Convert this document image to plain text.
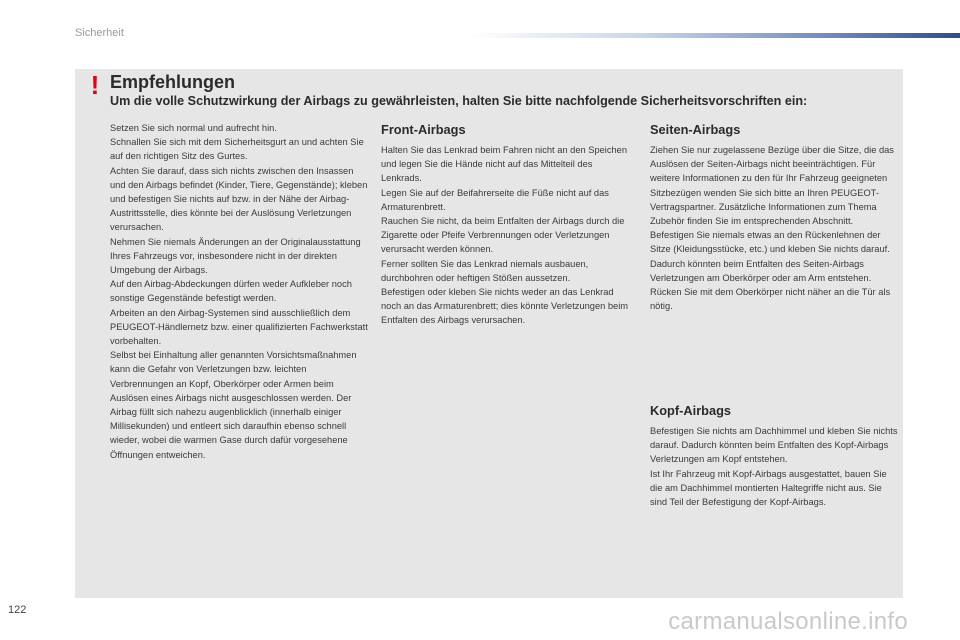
Sicherheit
! Empfehlungen
Um die volle Schutzwirkung der Airbags zu gewährleisten, halten Sie bitte nachfolgende Sicherheitsvorschriften ein:
Setzen Sie sich normal und aufrecht hin.
Schnallen Sie sich mit dem Sicherheitsgurt an und achten Sie auf den richtigen Sitz des Gurtes.
Achten Sie darauf, dass sich nichts zwischen den Insassen und den Airbags befindet (Kinder, Tiere, Gegenstände); kleben und befestigen Sie nichts auf bzw. in der Nähe der Airbag-Austrittsstelle, dies könnte bei der Auslösung Verletzungen verursachen.
Nehmen Sie niemals Änderungen an der Originalausstattung Ihres Fahrzeugs vor, insbesondere nicht in der direkten Umgebung der Airbags.
Auf den Airbag-Abdeckungen dürfen weder Aufkleber noch sonstige Gegenstände befestigt werden.
Arbeiten an den Airbag-Systemen sind ausschließlich dem PEUGEOT-Händlernetz bzw. einer qualifizierten Fachwerkstatt vorbehalten.
Selbst bei Einhaltung aller genannten Vorsichtsmaßnahmen kann die Gefahr von Verletzungen bzw. leichten Verbrennungen an Kopf, Oberkörper oder Armen beim Auslösen eines Airbags nicht ausgeschlossen werden. Der Airbag füllt sich nahezu augenblicklich (innerhalb einiger Millisekunden) und entleert sich daraufhin ebenso schnell wieder, wobei die warmen Gase durch dafür vorgesehene Öffnungen entweichen.
Front-Airbags
Halten Sie das Lenkrad beim Fahren nicht an den Speichen und legen Sie die Hände nicht auf das Mittelteil des Lenkrads.
Legen Sie auf der Beifahrerseite die Füße nicht auf das Armaturenbrett.
Rauchen Sie nicht, da beim Entfalten der Airbags durch die Zigarette oder Pfeife Verbrennungen oder Verletzungen verursacht werden können.
Ferner sollten Sie das Lenkrad niemals ausbauen, durchbohren oder heftigen Stößen aussetzen.
Befestigen oder kleben Sie nichts weder an das Lenkrad noch an das Armaturenbrett; dies könnte Verletzungen beim Entfalten des Airbags verursachen.
Seiten-Airbags
Ziehen Sie nur zugelassene Bezüge über die Sitze, die das Auslösen der Seiten-Airbags nicht beeinträchtigen. Für weitere Informationen zu den für Ihr Fahrzeug geeigneten Sitzbezügen wenden Sie sich bitte an Ihren PEUGEOT-Vertragspartner. Zusätzliche Informationen zum Thema Zubehör finden Sie im entsprechenden Abschnitt.
Befestigen Sie niemals etwas an den Rückenlehnen der Sitze (Kleidungsstücke, etc.) und kleben Sie nichts darauf. Dadurch könnten beim Entfalten des Seiten-Airbags Verletzungen am Oberkörper oder am Arm entstehen.
Rücken Sie mit dem Oberkörper nicht näher an die Tür als nötig.
Kopf-Airbags
Befestigen Sie nichts am Dachhimmel und kleben Sie nichts darauf. Dadurch könnten beim Entfalten des Kopf-Airbags Verletzungen am Kopf entstehen.
Ist Ihr Fahrzeug mit Kopf-Airbags ausgestattet, bauen Sie die am Dachhimmel montierten Haltegriffe nicht aus. Sie sind Teil der Befestigung der Kopf-Airbags.
122	carmanualsonline.info
